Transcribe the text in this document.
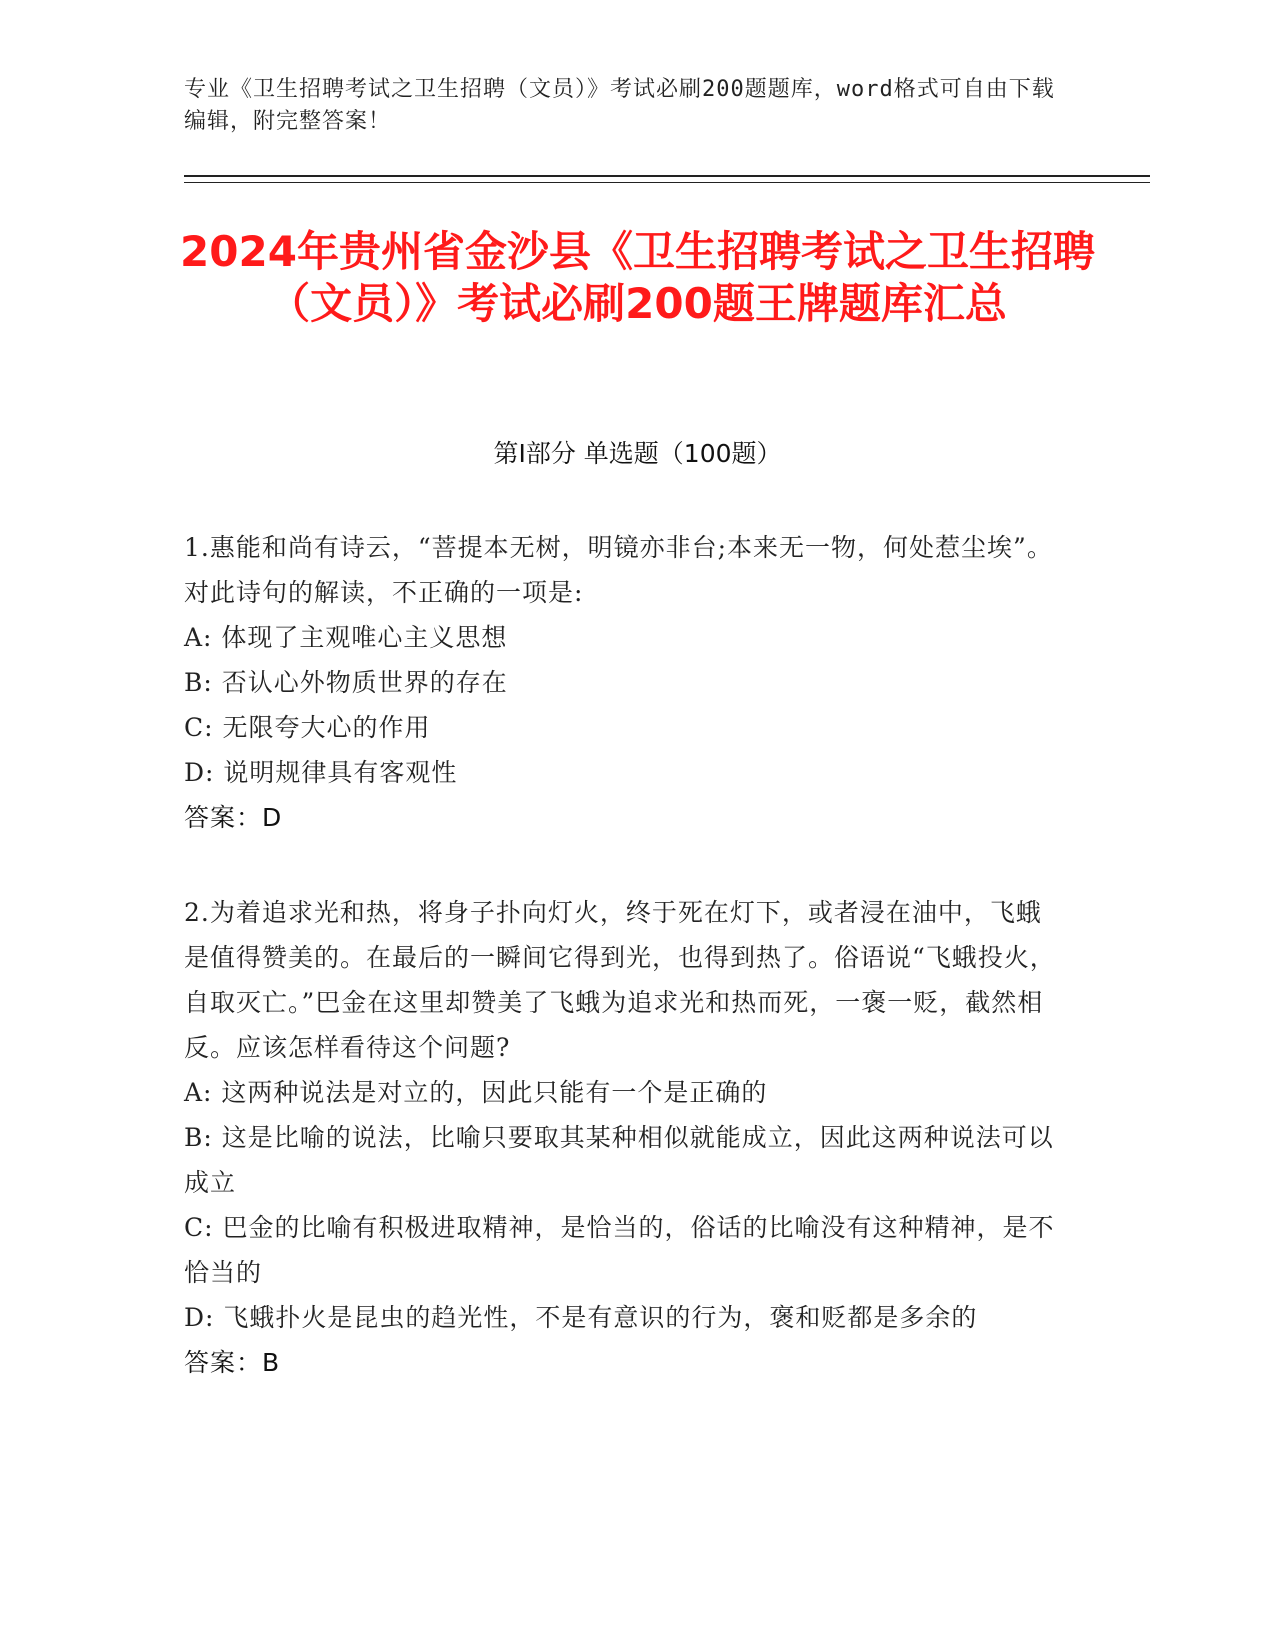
专业《卫生招聘考试之卫生招聘（文员）》考试必刷200题题库，word格式可自由下载编辑，附完整答案！
2024年贵州省金沙县《卫生招聘考试之卫生招聘（文员）》考试必刷200题王牌题库汇总
第Ⅰ部分 单选题（100题）

1.惠能和尚有诗云，“菩提本无树，明镜亦非台;本来无一物，何处惹尘埃”。对此诗句的解读，不正确的一项是:

A: 体现了主观唯心主义思想

B: 否认心外物质世界的存在

C: 无限夸大心的作用

D: 说明规律具有客观性

答案：D

2.为着追求光和热，将身子扑向灯火，终于死在灯下，或者浸在油中，飞蛾是值得赞美的。在最后的一瞬间它得到光，也得到热了。俗语说“飞蛾投火，自取灭亡。”巴金在这里却赞美了飞蛾为追求光和热而死，一褒一贬，截然相反。应该怎样看待这个问题?

A: 这两种说法是对立的，因此只能有一个是正确的

B: 这是比喻的说法，比喻只要取其某种相似就能成立，因此这两种说法可以成立

C: 巴金的比喻有积极进取精神，是恰当的，俗话的比喻没有这种精神，是不恰当的

D: 飞蛾扑火是昆虫的趋光性，不是有意识的行为，褒和贬都是多余的

答案：B
